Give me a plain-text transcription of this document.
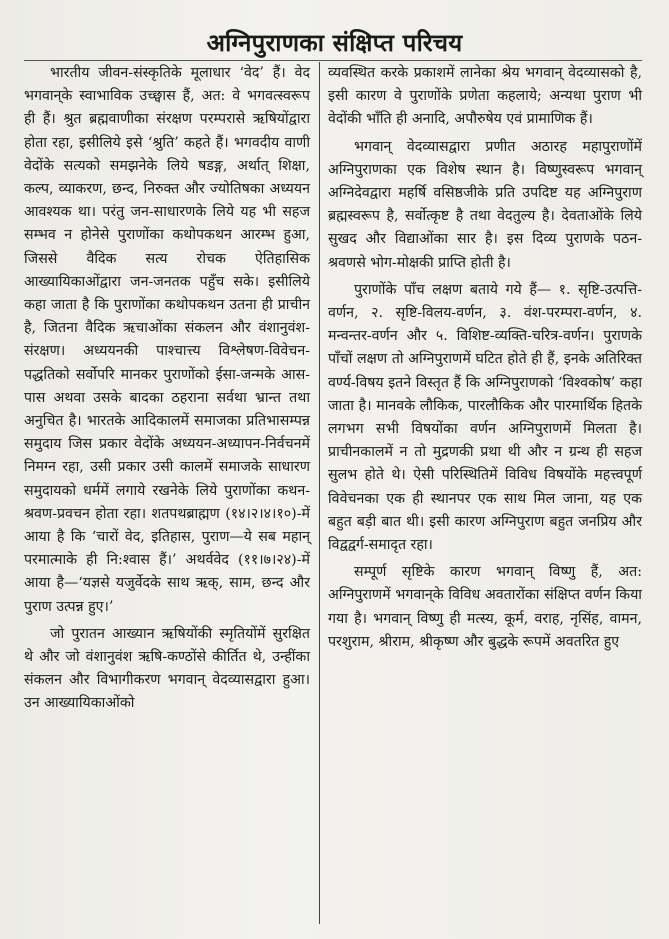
अग्निपुराणका संक्षिप्त परिचय

भारतीय जीवन-संस्कृतिके मूलाधार ‘वेद’ हैं। वेद भगवान्‌के स्वाभाविक उच्छ्वास हैं, अत: वे भगवत्स्वरूप ही हैं। श्रुत ब्रह्मवाणीका संरक्षण परम्परासे ऋषियोंद्वारा होता रहा, इसीलिये इसे ‘श्रुति’ कहते हैं। भगवदीय वाणी वेदोंके सत्यको समझनेके लिये षडङ्ग, अर्थात् शिक्षा, कल्प, व्याकरण, छन्द, निरुक्त और ज्योतिषका अध्ययन आवश्यक था। परंतु जन-साधारणके लिये यह भी सहज सम्भव न होनेसे पुराणोंका कथोपकथन आरम्भ हुआ, जिससे वैदिक सत्य रोचक ऐतिहासिक आख्यायिकाओंद्वारा जन-जनतक पहुँच सके। इसीलिये कहा जाता है कि पुराणोंका कथोपकथन उतना ही प्राचीन है, जितना वैदिक ऋचाओंका संकलन और वंशानुवंश-संरक्षण। अध्ययनकी पाश्चात्त्य विश्लेषण-विवेचन-पद्धतिको सर्वोपरि मानकर पुराणोंको ईसा-जन्मके आस-पास अथवा उसके बादका ठहराना सर्वथा भ्रान्त तथा अनुचित है। भारतके आदिकालमें समाजका प्रतिभासम्पन्न समुदाय जिस प्रकार वेदोंके अध्ययन-अध्यापन-निर्वचनमें निमग्न रहा, उसी प्रकार उसी कालमें समाजके साधारण समुदायको धर्ममें लगाये रखनेके लिये पुराणोंका कथन-श्रवण-प्रवचन होता रहा। शतपथब्राह्मण (१४।२।४।१०)-में आया है कि ‘चारों वेद, इतिहास, पुराण—ये सब महान् परमात्माके ही नि:श्वास हैं।’ अथर्ववेद (११।७।२४)-में आया है—‘यज्ञसे यजुर्वेदके साथ ऋक्, साम, छन्द और पुराण उत्पन्न हुए।’

जो पुरातन आख्यान ऋषियोंकी स्मृतियोंमें सुरक्षित थे और जो वंशानुवंश ऋषि-कण्ठोंसे कीर्तित थे, उन्हींका संकलन और विभागीकरण भगवान् वेदव्यासद्वारा हुआ। उन आख्यायिकाओंको

व्यवस्थित करके प्रकाशमें लानेका श्रेय भगवान् वेदव्यासको है, इसी कारण वे पुराणोंके प्रणेता कहलाये; अन्यथा पुराण भी वेदोंकी भाँति ही अनादि, अपौरुषेय एवं प्रामाणिक हैं।

भगवान् वेदव्यासद्वारा प्रणीत अठारह महापुराणोंमें अग्निपुराणका एक विशेष स्थान है। विष्णुस्वरूप भगवान् अग्निदेवद्वारा महर्षि वसिष्ठजीके प्रति उपदिष्ट यह अग्निपुराण ब्रह्मस्वरूप है, सर्वोत्कृष्ट है तथा वेदतुल्य है। देवताओंके लिये सुखद और विद्याओंका सार है। इस दिव्य पुराणके पठन-श्रवणसे भोग-मोक्षकी प्राप्ति होती है।

पुराणोंके पाँच लक्षण बताये गये हैं— १. सृष्टि-उत्पत्ति-वर्णन, २. सृष्टि-विलय-वर्णन, ३. वंश-परम्परा-वर्णन, ४. मन्वन्तर-वर्णन और ५. विशिष्ट-व्यक्ति-चरित्र-वर्णन। पुराणके पाँचों लक्षण तो अग्निपुराणमें घटित होते ही हैं, इनके अतिरिक्त वर्ण्य-विषय इतने विस्तृत हैं कि अग्निपुराणको ‘विश्वकोष’ कहा जाता है। मानवके लौकिक, पारलौकिक और पारमार्थिक हितके लगभग सभी विषयोंका वर्णन अग्निपुराणमें मिलता है। प्राचीनकालमें न तो मुद्रणकी प्रथा थी और न ग्रन्थ ही सहज सुलभ होते थे। ऐसी परिस्थितिमें विविध विषयोंके महत्त्वपूर्ण विवेचनका एक ही स्थानपर एक साथ मिल जाना, यह एक बहुत बड़ी बात थी। इसी कारण अग्निपुराण बहुत जनप्रिय और विद्वद्वर्ग-समादृत रहा।

सम्पूर्ण सृष्टिके कारण भगवान् विष्णु हैं, अत: अग्निपुराणमें भगवान्‌के विविध अवतारोंका संक्षिप्त वर्णन किया गया है। भगवान् विष्णु ही मत्स्य, कूर्म, वराह, नृसिंह, वामन, परशुराम, श्रीराम, श्रीकृष्ण और बुद्धके रूपमें अवतरित हुए
